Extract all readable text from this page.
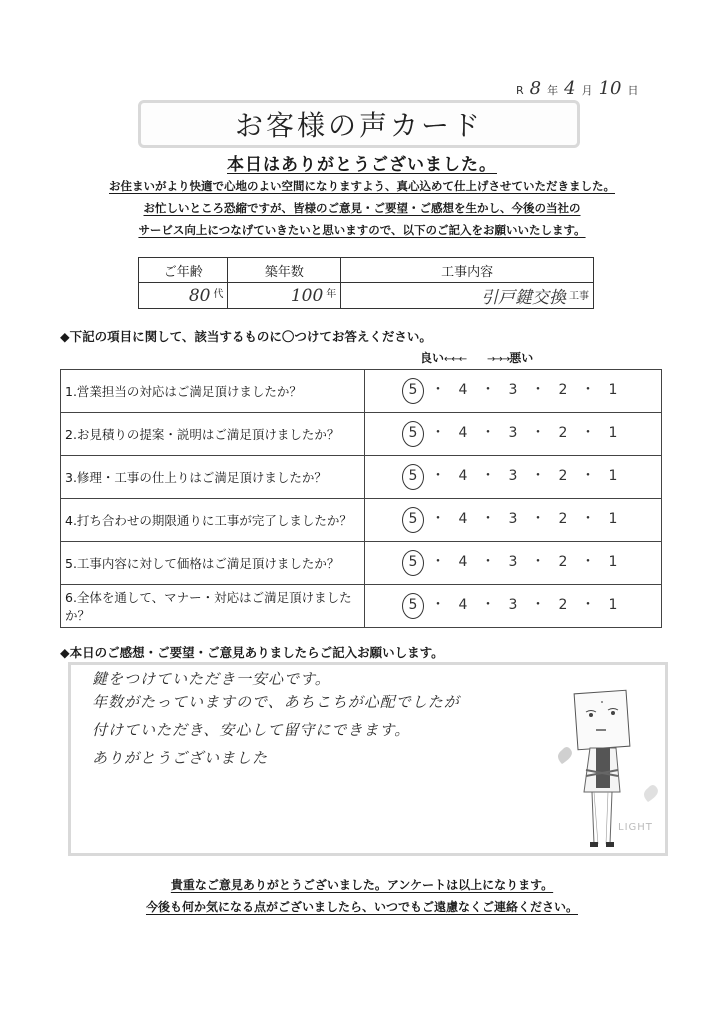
R 8 年 4 月 10 日
お客様の声カード
本日はありがとうございました。
お住まいがより快適で心地のよい空間になりますよう、真心込めて仕上げさせていただきました。
お忙しいところ恐縮ですが、皆様のご意見・ご要望・ご感想を生かし、今後の当社の
サービス向上につなげていきたいと思いますので、以下のご記入をお願いいたします。
ご年齢	築年数	工事内容
80 $^代$	100 $^年$	引戸鍵交換 $^{工事}$
◆下記の項目に関して、該当するものに〇つけてお答えください。
良い←←← →→→悪い
1.営業担当の対応はご満足頂けましたか？	5 ・ 4 ・ 3 ・ 2 ・ 1
2.お見積りの提案・説明はご満足頂けましたか？	5 ・ 4 ・ 3 ・ 2 ・ 1
3.修理・工事の仕上りはご満足頂けましたか？	5 ・ 4 ・ 3 ・ 2 ・ 1
4.打ち合わせの期限通りに工事が完了しましたか？	5 ・ 4 ・ 3 ・ 2 ・ 1
5.工事内容に対して価格はご満足頂けましたか？	5 ・ 4 ・ 3 ・ 2 ・ 1
6.全体を通して、マナー・対応はご満足頂けましたか？	5 ・ 4 ・ 3 ・ 2 ・ 1
◆本日のご感想・ご要望・ご意見ありましたらご記入お願いします。
鍵をつけていただき一安心です。
年数がたっていますので、あちこちが心配でしたが
付けていただき、安心して留守にできます。
ありがとうございました
LIGHT
貴重なご意見ありがとうございました。アンケートは以上になります。
今後も何か気になる点がございましたら、いつでもご遠慮なくご連絡ください。
